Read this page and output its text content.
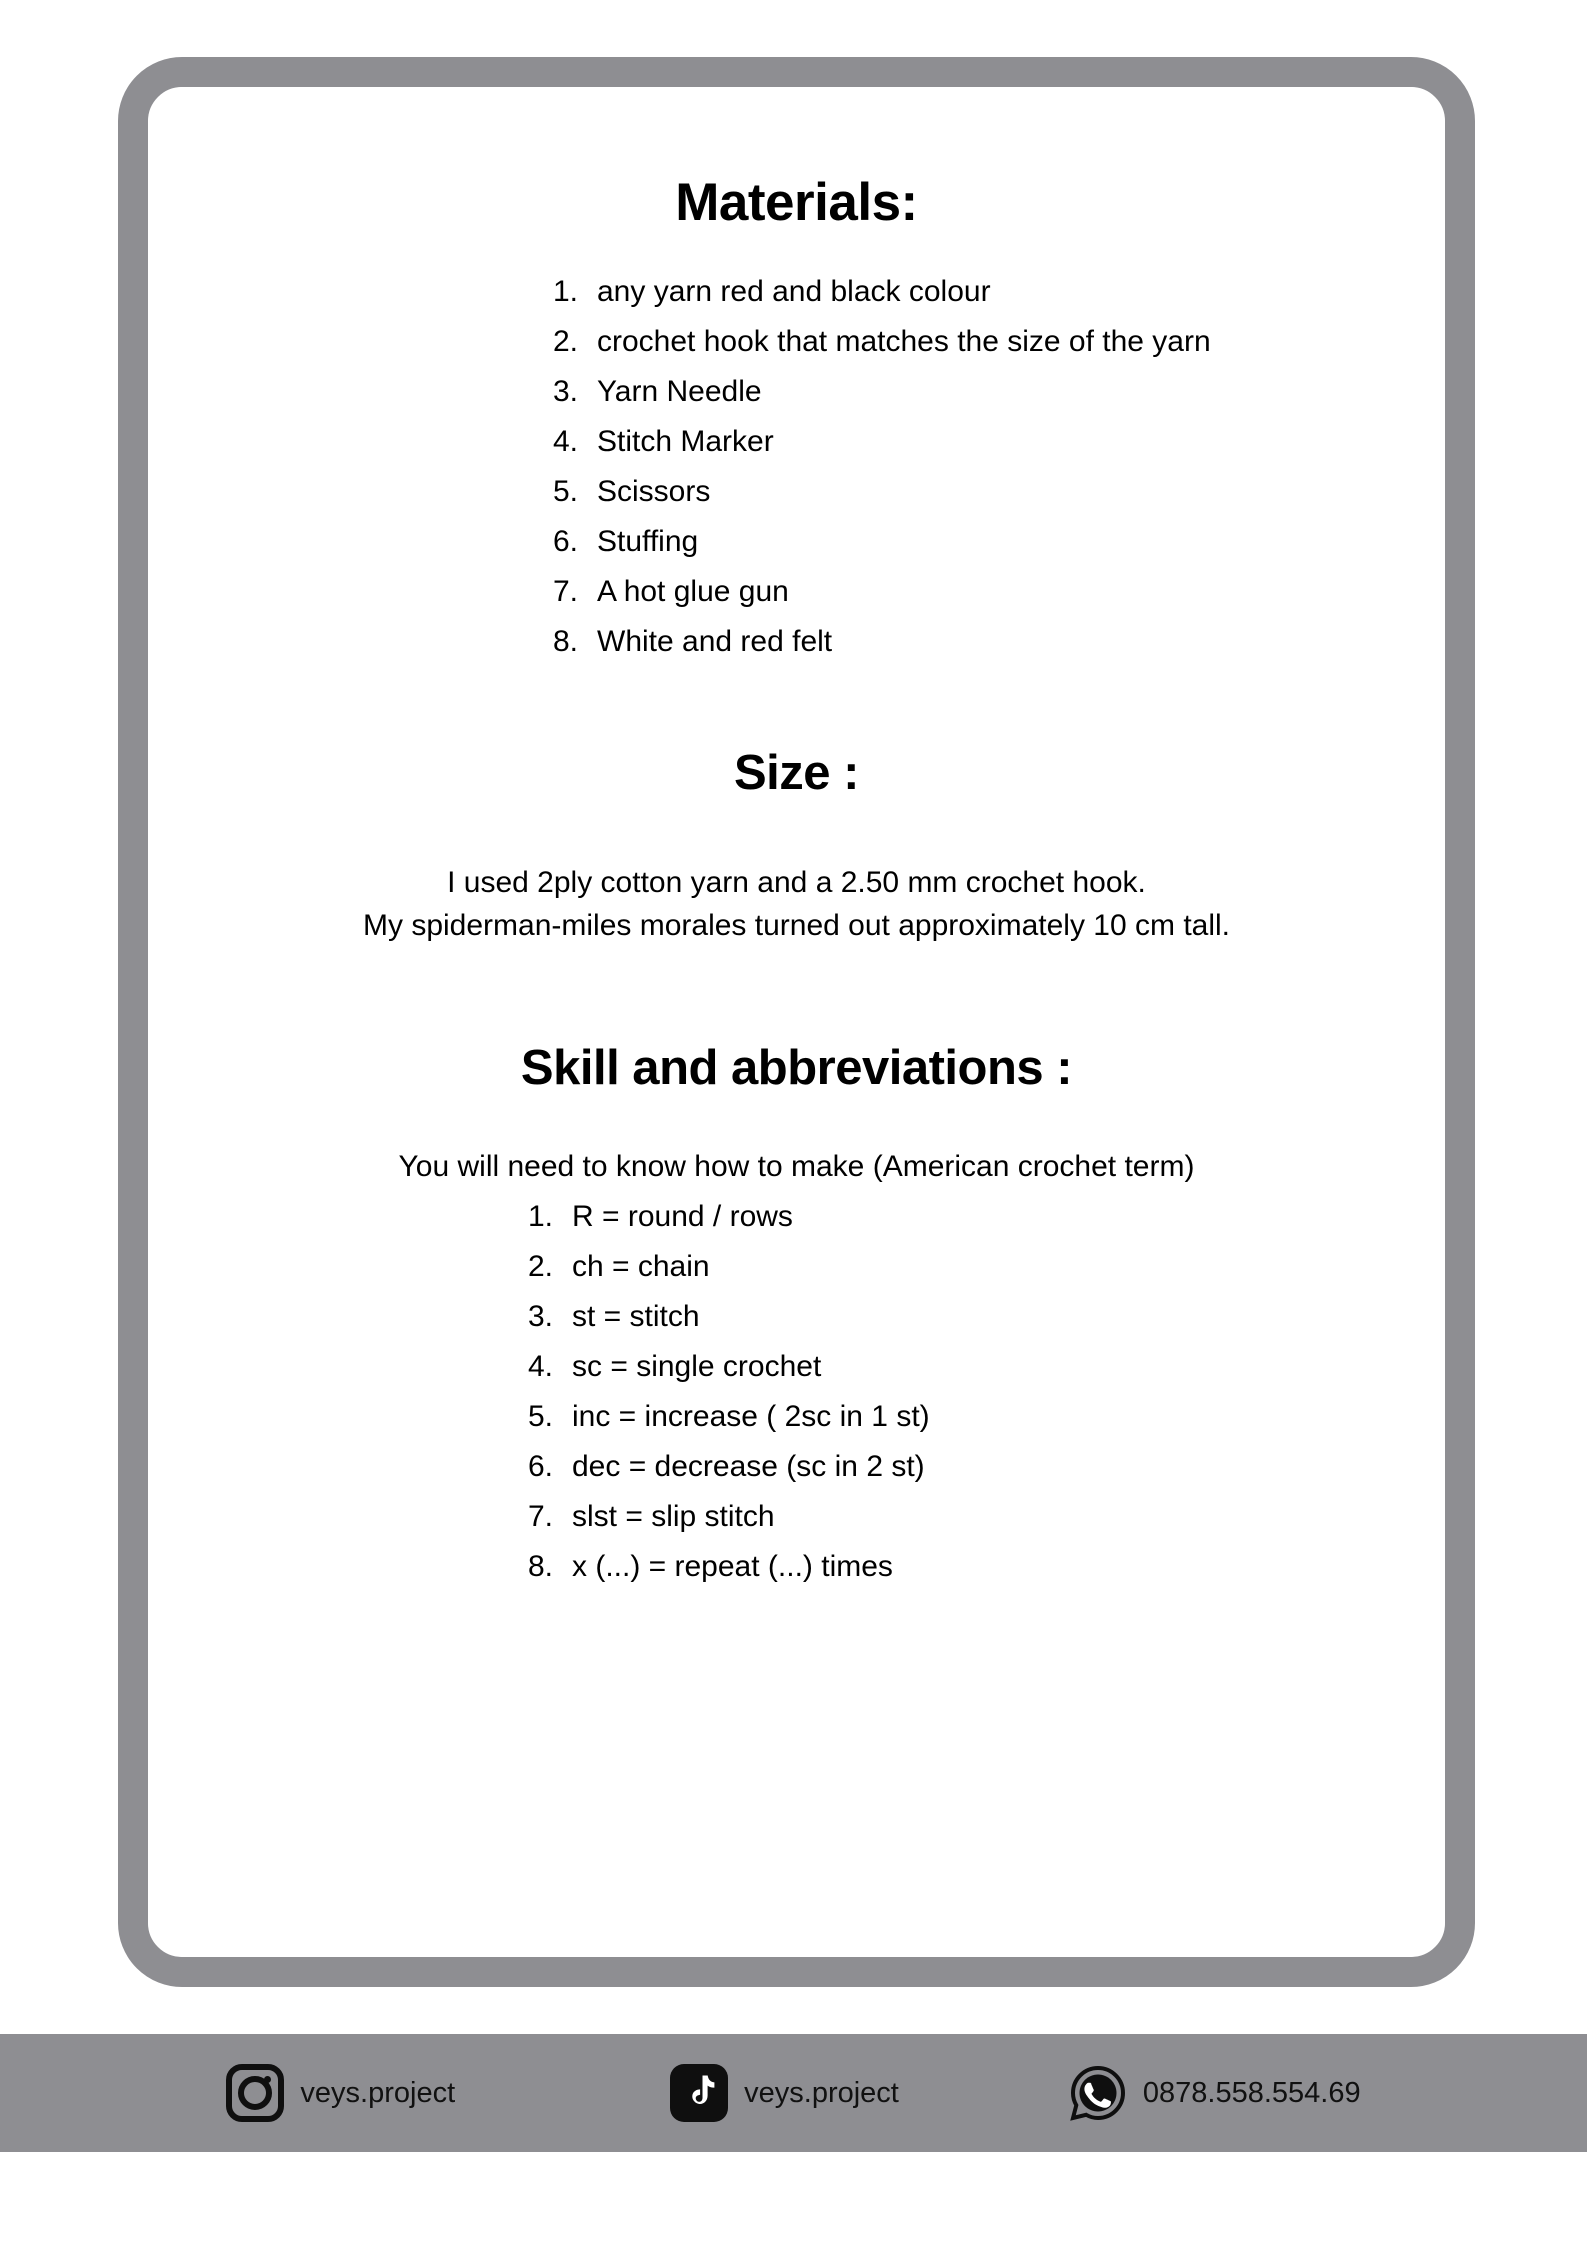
Materials:
1. any yarn red and black colour
2. crochet hook that matches the size of the yarn
3. Yarn Needle
4. Stitch Marker
5. Scissors
6. Stuffing
7. A hot glue gun
8. White and red felt
Size :
I used 2ply cotton yarn and a 2.50 mm crochet hook.
My spiderman-miles morales turned out approximately 10 cm tall.
Skill and abbreviations :
You will need to know how to make (American crochet term)
1. R = round / rows
2. ch = chain
3. st = stitch
4. sc = single crochet
5. inc = increase ( 2sc in 1 st)
6. dec = decrease (sc in 2 st)
7. slst = slip stitch
8. x (...) = repeat (...) times
veys.project	veys.project	0878.558.554.69
